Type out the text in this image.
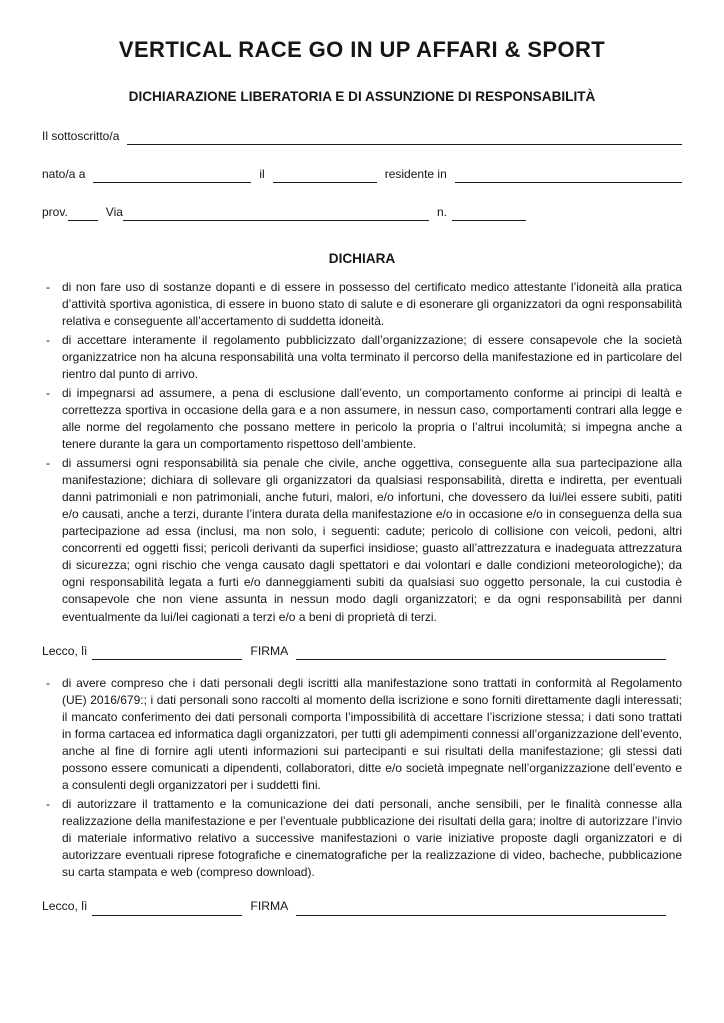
VERTICAL RACE GO IN UP AFFARI & SPORT
DICHIARAZIONE LIBERATORIA E DI ASSUNZIONE DI RESPONSABILITÀ
Il sottoscritto/a
nato/a a	il	residente in
prov.	Via	n.
DICHIARA
- di non fare uso di sostanze dopanti e di essere in possesso del certificato medico attestante l’idoneità alla pratica d’attività sportiva agonistica, di essere in buono stato di salute e di esonerare gli organizzatori da ogni responsabilità relativa e conseguente all’accertamento di suddetta idoneità.
- di accettare interamente il regolamento pubblicizzato dall’organizzazione; di essere consapevole che la società organizzatrice non ha alcuna responsabilità una volta terminato il percorso della manifestazione ed in particolare del rientro dal punto di arrivo.
- di impegnarsi ad assumere, a pena di esclusione dall’evento, un comportamento conforme ai principi di lealtà e correttezza sportiva in occasione della gara e a non assumere, in nessun caso, comportamenti contrari alla legge e alle norme del regolamento che possano mettere in pericolo la propria o l’altrui incolumità; si impegna anche a tenere durante la gara un comportamento rispettoso dell’ambiente.
- di assumersi ogni responsabilità sia penale che civile, anche oggettiva, conseguente alla sua partecipazione alla manifestazione; dichiara di sollevare gli organizzatori da qualsiasi responsabilità, diretta e indiretta, per eventuali danni patrimoniali e non patrimoniali, anche futuri, malori, e/o infortuni, che dovessero da lui/lei essere subiti, patiti e/o causati, anche a terzi, durante l’intera durata della manifestazione e/o in occasione e/o in conseguenza della sua partecipazione ad essa (inclusi, ma non solo, i seguenti: cadute; pericolo di collisione con veicoli, pedoni, altri concorrenti ed oggetti fissi; pericoli derivanti da superfici insidiose; guasto all’attrezzatura e inadeguata attrezzatura di sicurezza; ogni rischio che venga causato dagli spettatori e dai volontari e dalle condizioni meteorologiche); da ogni responsabilità legata a furti e/o danneggiamenti subiti da qualsiasi suo oggetto personale, la cui custodia è consapevole che non viene assunta in nessun modo dagli organizzatori; e da ogni responsabilità per danni eventualmente da lui/lei cagionati a terzi e/o a beni di proprietà di terzi.
Lecco, lì	FIRMA
- di avere compreso che i dati personali degli iscritti alla manifestazione sono trattati in conformità al Regolamento (UE) 2016/679:; i dati personali sono raccolti al momento della iscrizione e sono forniti direttamente dagli interessati; il mancato conferimento dei dati personali comporta l’impossibilità di accettare l’iscrizione stessa; i dati sono trattati in forma cartacea ed informatica dagli organizzatori, per tutti gli adempimenti connessi all’organizzazione dell’evento, anche al fine di fornire agli utenti informazioni sui partecipanti e sui risultati della manifestazione; gli stessi dati possono essere comunicati a dipendenti, collaboratori, ditte e/o società impegnate nell’organizzazione dell’evento e a consulenti degli organizzatori per i suddetti fini.
- di autorizzare il trattamento e la comunicazione dei dati personali, anche sensibili, per le finalità connesse alla realizzazione della manifestazione e per l’eventuale pubblicazione dei risultati della gara; inoltre di autorizzare l’invio di materiale informativo relativo a successive manifestazioni o varie iniziative proposte dagli organizzatori e di autorizzare eventuali riprese fotografiche e cinematografiche per la realizzazione di video, bacheche, pubblicazione su carta stampata e web (compreso download).
Lecco, lì	FIRMA
